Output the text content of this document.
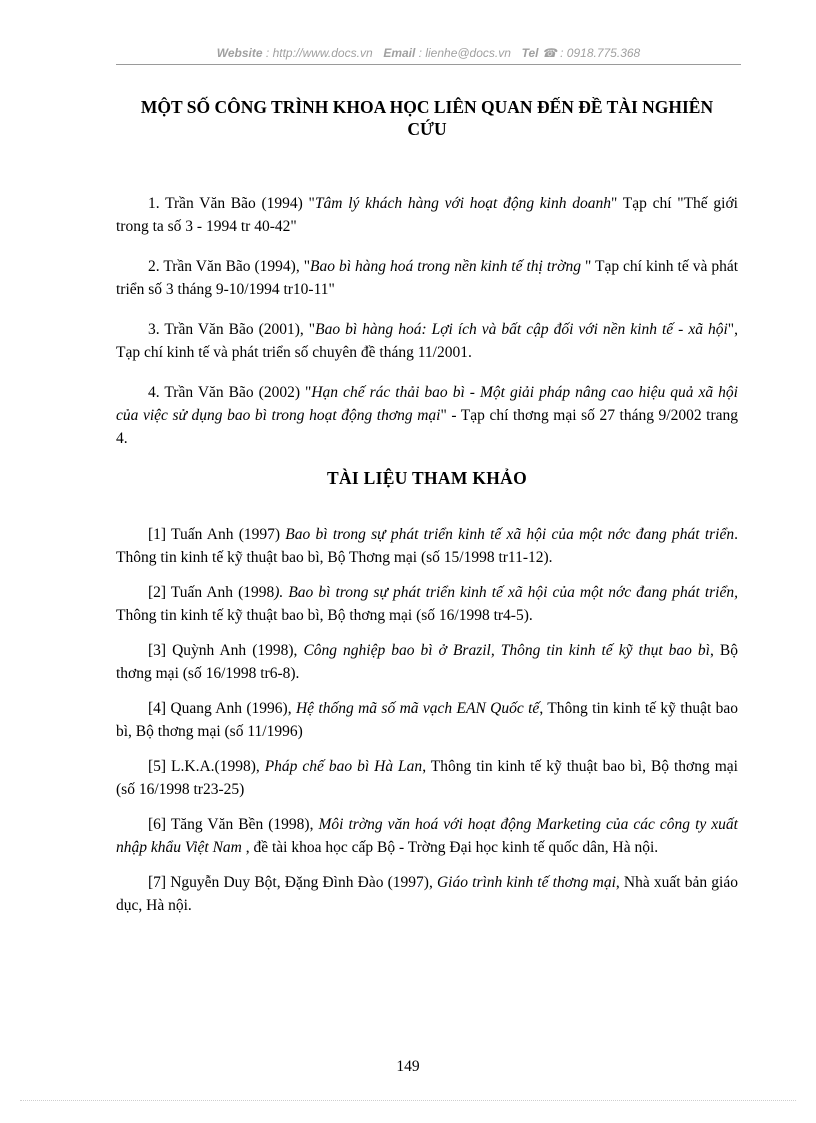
Website : http://www.docs.vn Email : lienhe@docs.vn Tel ☎ : 0918.775.368
MỘT SỐ CÔNG TRÌNH KHOA HỌC LIÊN QUAN ĐẾN ĐỀ TÀI NGHIÊN CỨU

1. Trần Văn Bão (1994) "Tâm lý khách hàng với hoạt động kinh doanh" Tạp chí "Thế giới trong ta số 3 - 1994 tr 40-42"

2. Trần Văn Bão (1994), "Bao bì hàng hoá trong nền kinh tế thị trờng " Tạp chí kinh tế và phát triển số 3 tháng 9-10/1994 tr10-11"

3. Trần Văn Bão (2001), "Bao bì hàng hoá: Lợi ích và bất cập đối với nền kinh tế - xã hội", Tạp chí kinh tế và phát triển số chuyên đề tháng 11/2001.

4. Trần Văn Bão (2002) "Hạn chế rác thải bao bì - Một giải pháp nâng cao hiệu quả xã hội của việc sử dụng bao bì trong hoạt động thơng mại" - Tạp chí thơng mại số 27 tháng 9/2002 trang 4.

TÀI LIỆU THAM KHẢO

[1] Tuấn Anh (1997) Bao bì trong sự phát triển kinh tế xã hội của một nớc đang phát triển. Thông tin kinh tế kỹ thuật bao bì, Bộ Thơng mại (số 15/1998 tr11-12).

[2] Tuấn Anh (1998). Bao bì trong sự phát triển kinh tế xã hội của một nớc đang phát triển, Thông tin kinh tế kỹ thuật bao bì, Bộ thơng mại (số 16/1998 tr4-5).

[3] Quỳnh Anh (1998), Công nghiệp bao bì ở Brazil, Thông tin kinh tế kỹ thụt bao bì, Bộ thơng mại (số 16/1998 tr6-8).

[4] Quang Anh (1996), Hệ thống mã số mã vạch EAN Quốc tế, Thông tin kinh tế kỹ thuật bao bì, Bộ thơng mại (số 11/1996)

[5] L.K.A.(1998), Pháp chế bao bì Hà Lan, Thông tin kinh tế kỹ thuật bao bì, Bộ thơng mại (số 16/1998 tr23-25)

[6] Tăng Văn Bền (1998), Môi trờng văn hoá với hoạt động Marketing của các công ty xuất nhập khẩu Việt Nam , đề tài khoa học cấp Bộ - Trờng Đại học kinh tế quốc dân, Hà nội.

[7] Nguyễn Duy Bột, Đặng Đình Đào (1997), Giáo trình kinh tế thơng mại, Nhà xuất bản giáo dục, Hà nội.

149
